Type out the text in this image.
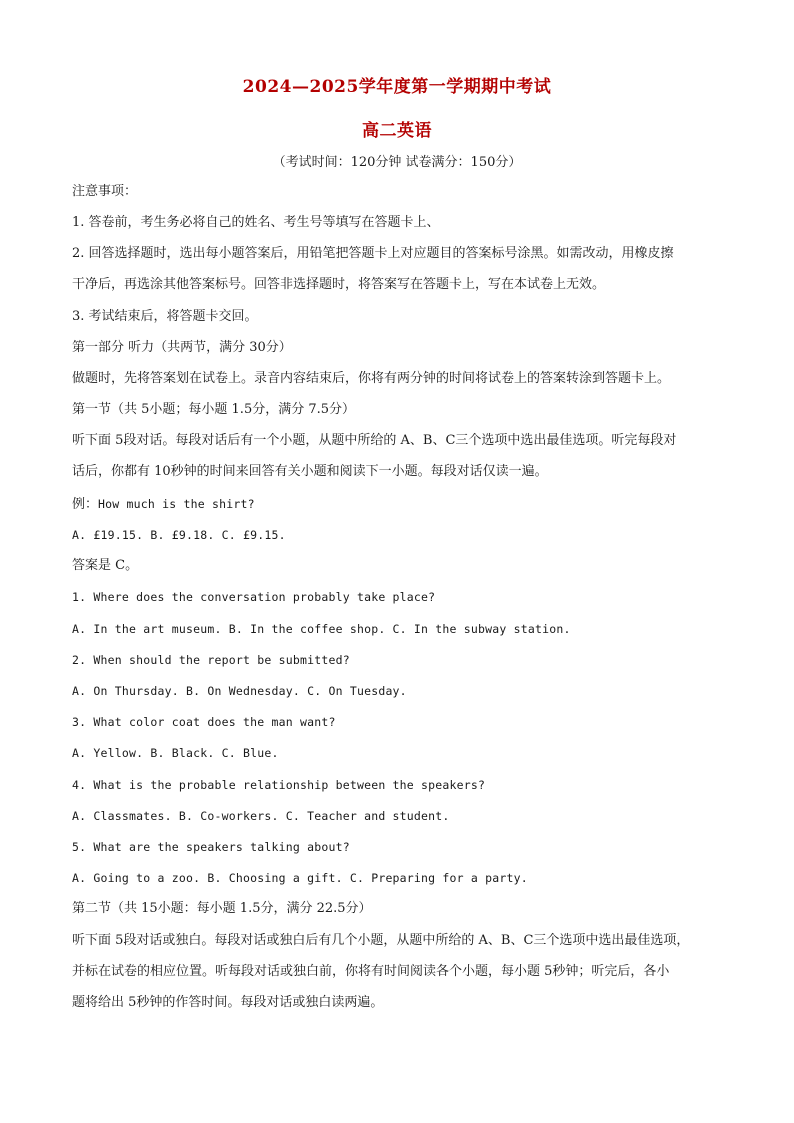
2024—2025学年度第一学期期中考试
高二英语
（考试时间：120分钟 试卷满分：150分）
注意事项：
1. 答卷前，考生务必将自己的姓名、考生号等填写在答题卡上、
2. 回答选择题时，选出每小题答案后，用铅笔把答题卡上对应题目的答案标号涂黑。如需改动，用橡皮擦
干净后，再选涂其他答案标号。回答非选择题时，将答案写在答题卡上，写在本试卷上无效。
3. 考试结束后，将答题卡交回。
第一部分 听力（共两节，满分 30分）
做题时，先将答案划在试卷上。录音内容结束后，你将有两分钟的时间将试卷上的答案转涂到答题卡上。
第一节（共 5小题；每小题 1.5分，满分 7.5分）
听下面 5段对话。每段对话后有一个小题，从题中所给的 A、B、C三个选项中选出最佳选项。听完每段对
话后，你都有 10秒钟的时间来回答有关小题和阅读下一小题。每段对话仅读一遍。
例：How much is the shirt?
A. £19.15. B. £9.18. C. £9.15.
答案是 C。
1. Where does the conversation probably take place?
A. In the art museum. B. In the coffee shop. C. In the subway station.
2. When should the report be submitted?
A. On Thursday. B. On Wednesday. C. On Tuesday.
3. What color coat does the man want?
A. Yellow. B. Black. C. Blue.
4. What is the probable relationship between the speakers?
A. Classmates. B. Co-workers. C. Teacher and student.
5. What are the speakers talking about?
A. Going to a zoo. B. Choosing a gift. C. Preparing for a party.
第二节（共 15小题：每小题 1.5分，满分 22.5分）
听下面 5段对话或独白。每段对话或独白后有几个小题，从题中所给的 A、B、C三个选项中选出最佳选项，
并标在试卷的相应位置。听每段对话或独白前，你将有时间阅读各个小题，每小题 5秒钟；听完后，各小
题将给出 5秒钟的作答时间。每段对话或独白读两遍。
